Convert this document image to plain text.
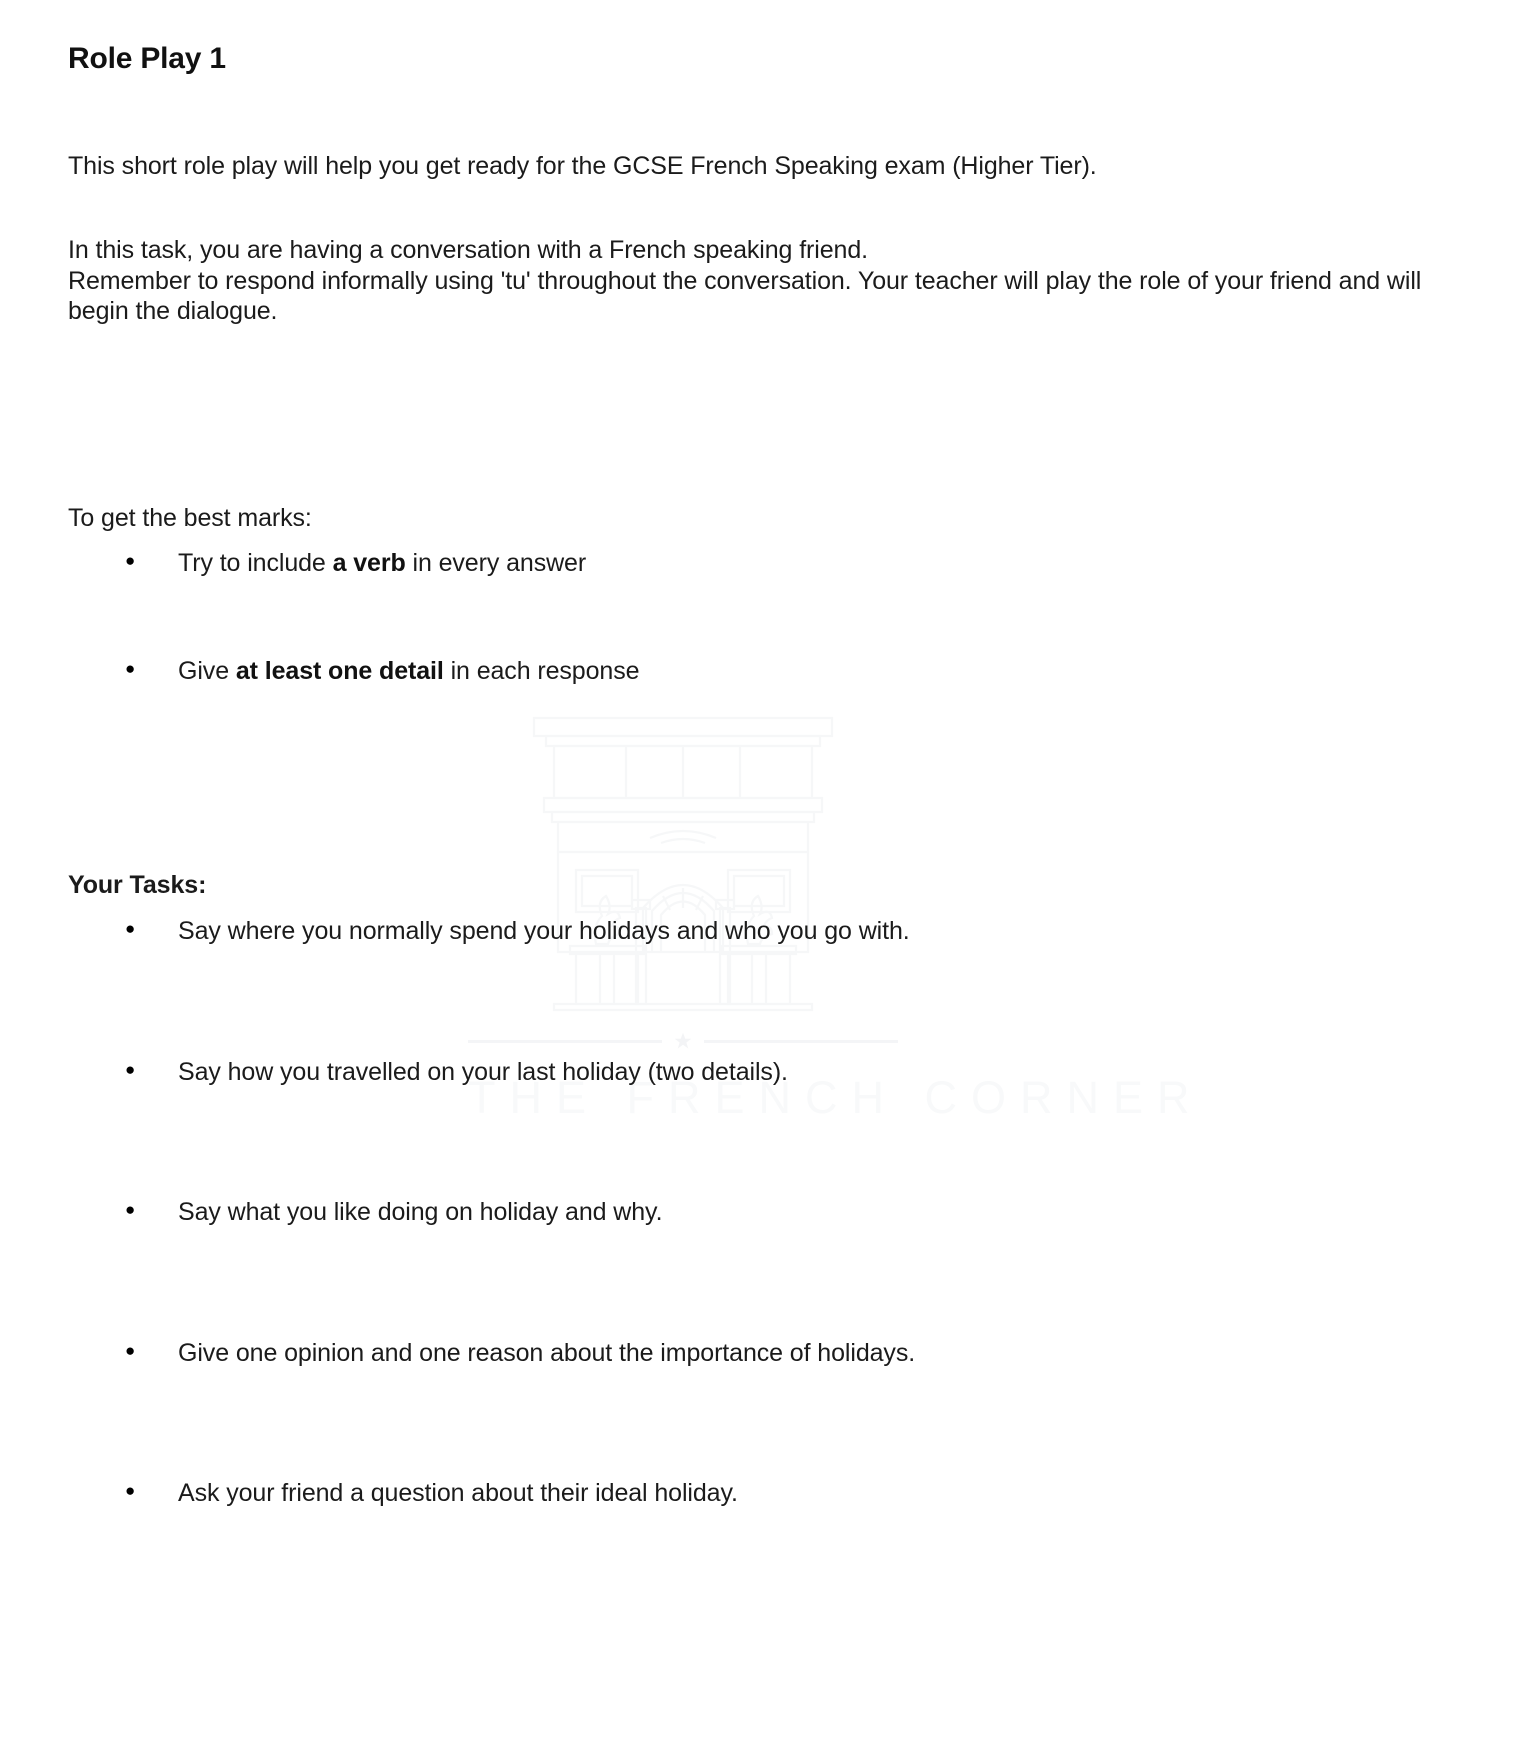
THE FRENCH CORNER
Role Play 1

This short role play will help you get ready for the GCSE French Speaking exam (Higher Tier).

In this task, you are having a conversation with a French speaking friend.
Remember to respond informally using 'tu' throughout the conversation. Your teacher will play the role of your friend and will begin the dialogue.

To get the best marks:

● Try to include a verb in every answer
● Give at least one detail in each response

Your Tasks:

● Say where you normally spend your holidays and who you go with.
● Say how you travelled on your last holiday (two details).
● Say what you like doing on holiday and why.
● Give one opinion and one reason about the importance of holidays.
● Ask your friend a question about their ideal holiday.
